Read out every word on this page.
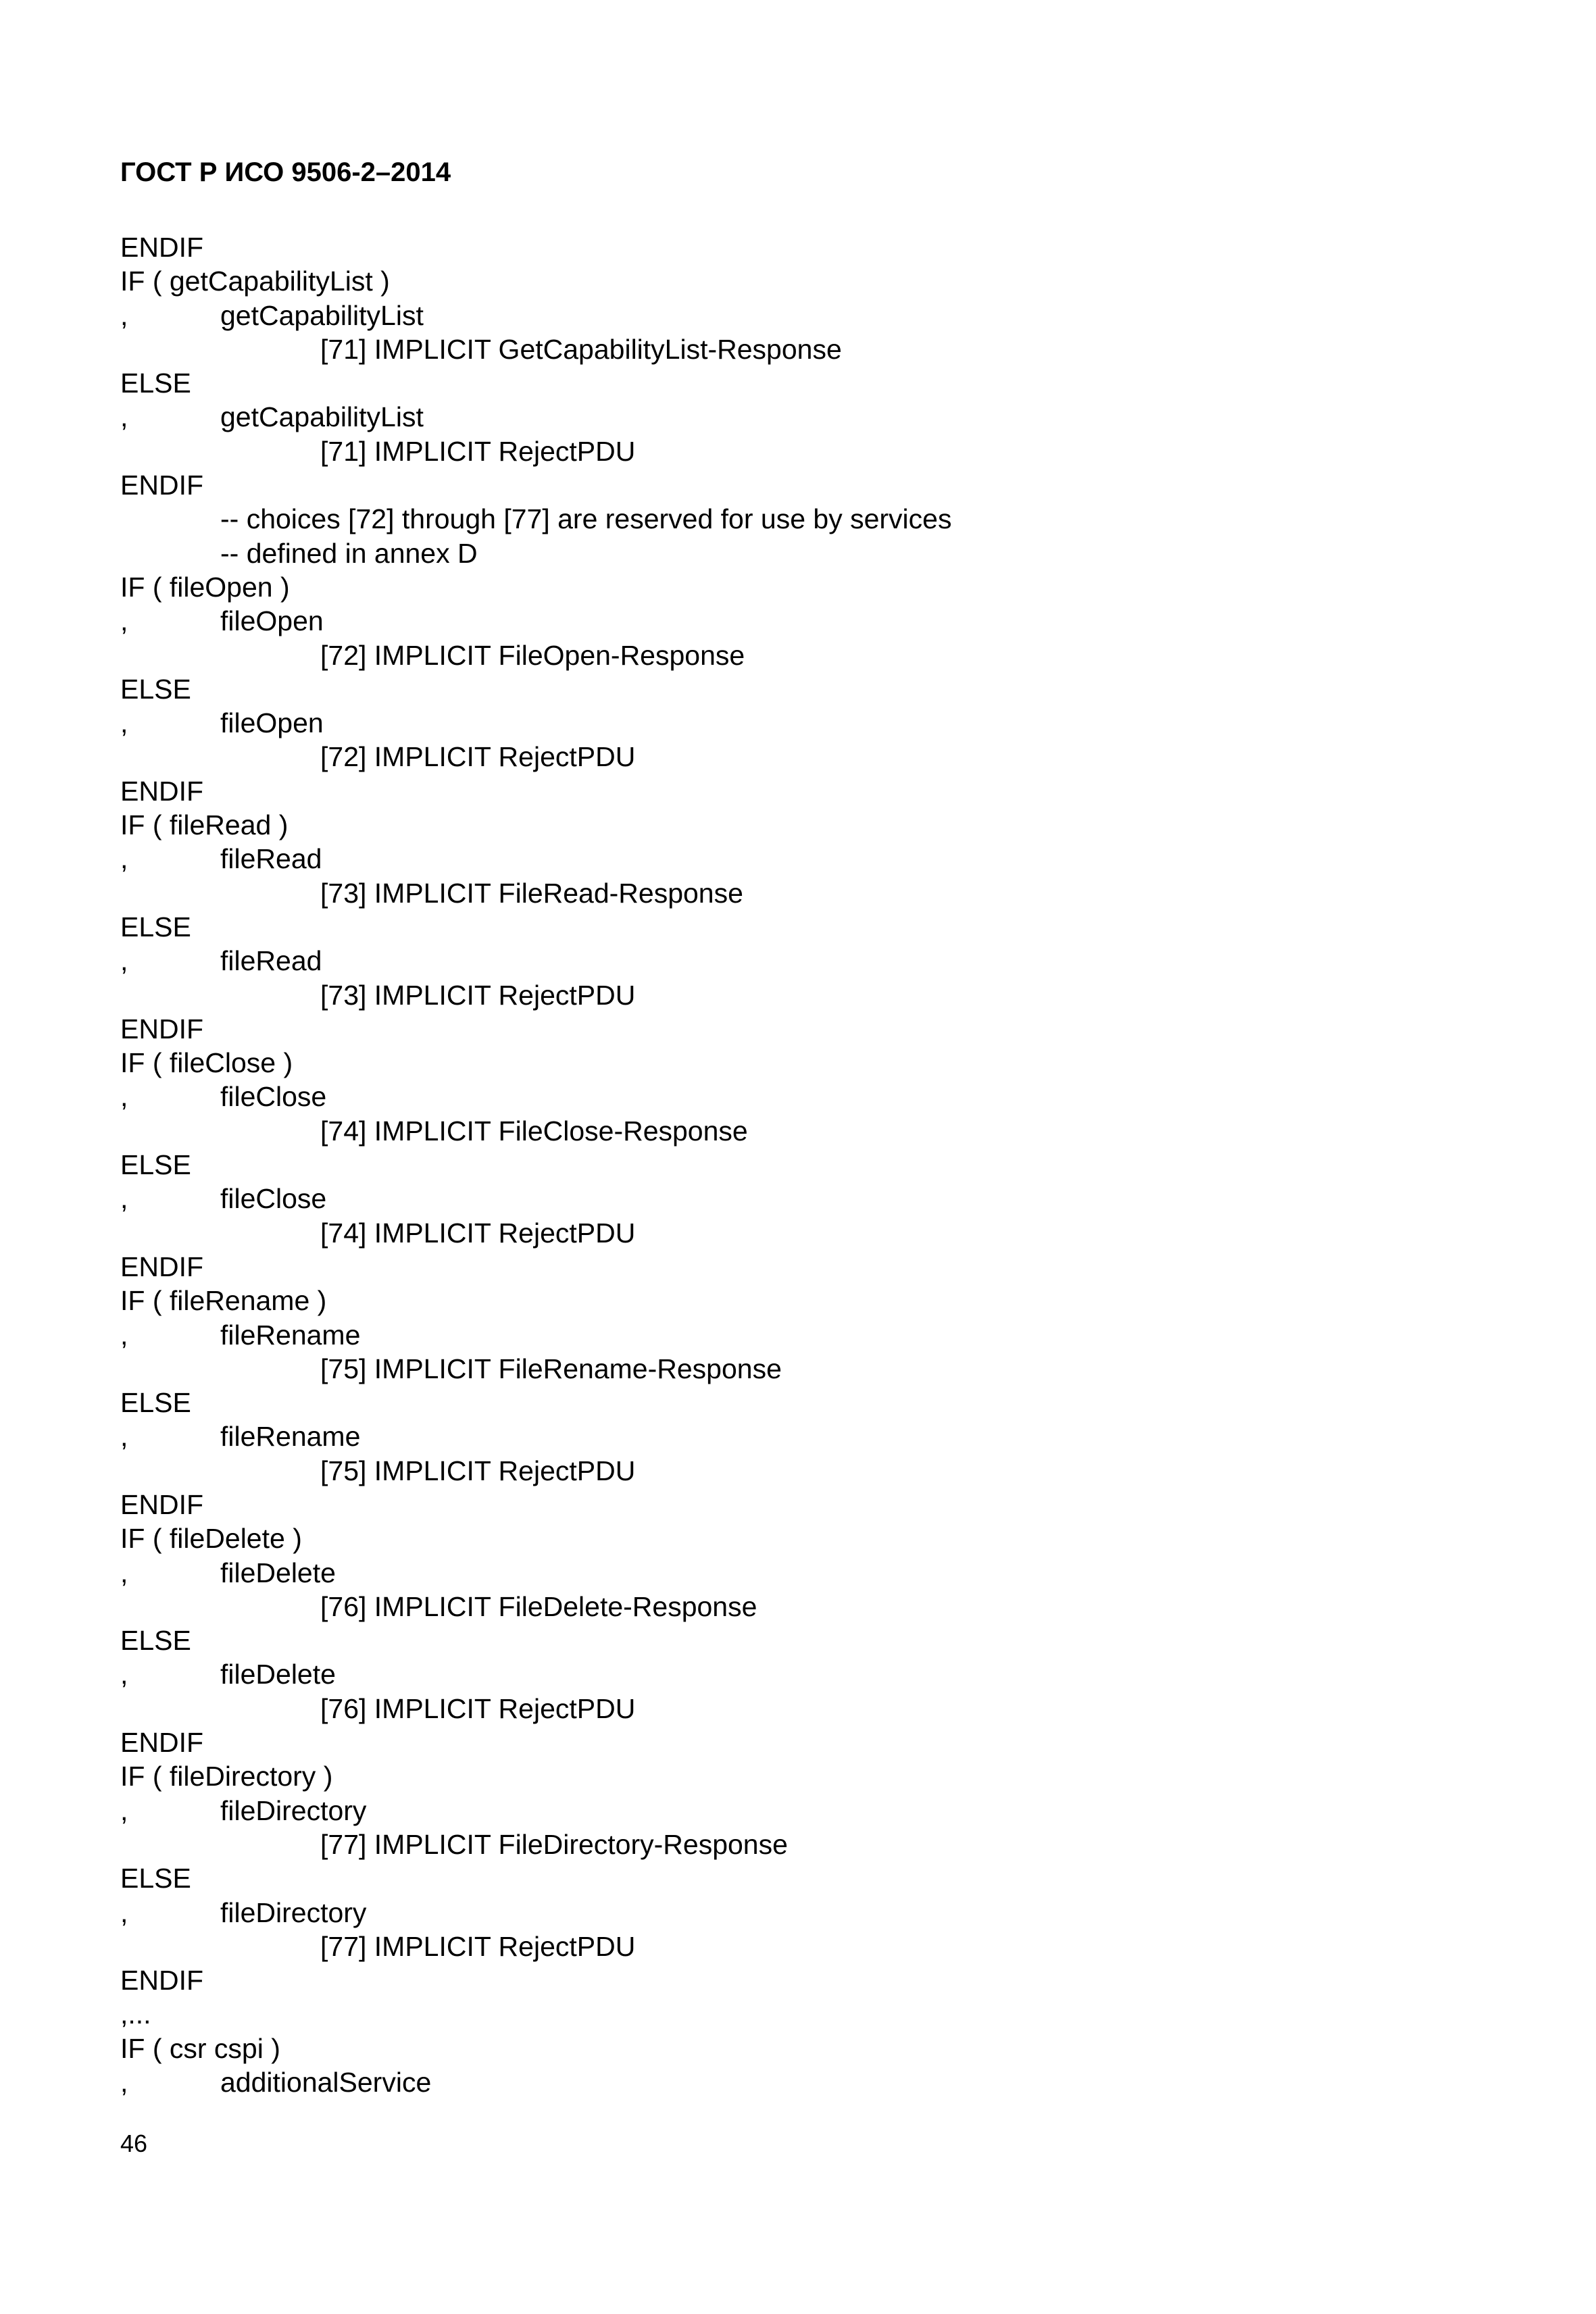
ГОСТ Р ИСО 9506-2–2014
ENDIF
IF ( getCapabilityList )
,	getCapabilityList
[71] IMPLICIT GetCapabilityList-Response
ELSE
,	getCapabilityList
[71] IMPLICIT RejectPDU
ENDIF
-- choices [72] through [77] are reserved for use by services
-- defined in annex D
IF ( fileOpen )
,	fileOpen
[72] IMPLICIT FileOpen-Response
ELSE
,	fileOpen
[72] IMPLICIT RejectPDU
ENDIF
IF ( fileRead )
,	fileRead
[73] IMPLICIT FileRead-Response
ELSE
,	fileRead
[73] IMPLICIT RejectPDU
ENDIF
IF ( fileClose )
,	fileClose
[74] IMPLICIT FileClose-Response
ELSE
,	fileClose
[74] IMPLICIT RejectPDU
ENDIF
IF ( fileRename )
,	fileRename
[75] IMPLICIT FileRename-Response
ELSE
,	fileRename
[75] IMPLICIT RejectPDU
ENDIF
IF ( fileDelete )
,	fileDelete
[76] IMPLICIT FileDelete-Response
ELSE
,	fileDelete
[76] IMPLICIT RejectPDU
ENDIF
IF ( fileDirectory )
,	fileDirectory
[77] IMPLICIT FileDirectory-Response
ELSE
,	fileDirectory
[77] IMPLICIT RejectPDU
ENDIF
,...
IF ( csr cspi )
,	additionalService
46
